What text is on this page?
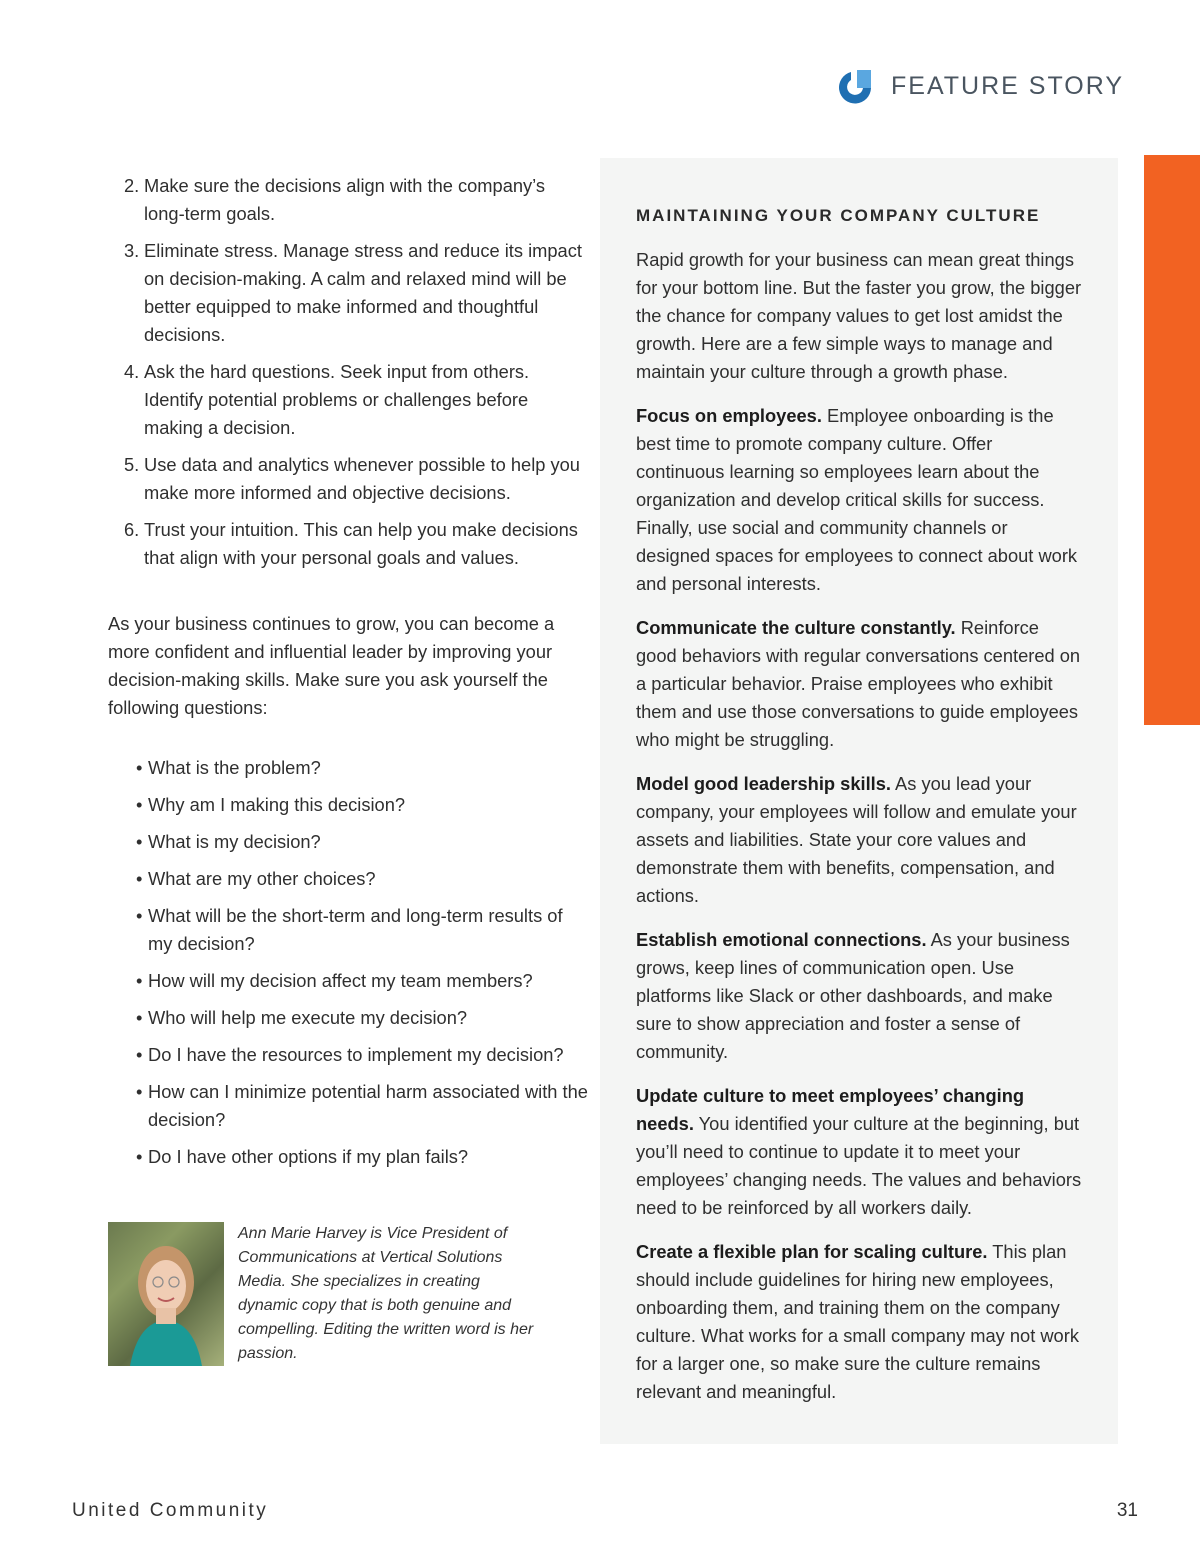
FEATURE STORY
2. Make sure the decisions align with the company’s long-term goals.
3. Eliminate stress. Manage stress and reduce its impact on decision-making. A calm and relaxed mind will be better equipped to make informed and thoughtful decisions.
4. Ask the hard questions. Seek input from others. Identify potential problems or challenges before making a decision.
5. Use data and analytics whenever possible to help you make more informed and objective decisions.
6. Trust your intuition. This can help you make decisions that align with your personal goals and values.

As your business continues to grow, you can become a more confident and influential leader by improving your decision-making skills. Make sure you ask yourself the following questions:

• What is the problem?
• Why am I making this decision?
• What is my decision?
• What are my other choices?
• What will be the short-term and long-term results of my decision?
• How will my decision affect my team members?
• Who will help me execute my decision?
• Do I have the resources to implement my decision?
• How can I minimize potential harm associated with the decision?
• Do I have other options if my plan fails?

Ann Marie Harvey is Vice President of Communications at Vertical Solutions Media. She specializes in creating dynamic copy that is both genuine and compelling. Editing the written word is her passion.

MAINTAINING YOUR COMPANY CULTURE

Rapid growth for your business can mean great things for your bottom line. But the faster you grow, the bigger the chance for company values to get lost amidst the growth. Here are a few simple ways to manage and maintain your culture through a growth phase.

Focus on employees. Employee onboarding is the best time to promote company culture. Offer continuous learning so employees learn about the organization and develop critical skills for success. Finally, use social and community channels or designed spaces for employees to connect about work and personal interests.

Communicate the culture constantly. Reinforce good behaviors with regular conversations centered on a particular behavior. Praise employees who exhibit them and use those conversations to guide employees who might be struggling.

Model good leadership skills. As you lead your company, your employees will follow and emulate your assets and liabilities. State your core values and demonstrate them with benefits, compensation, and actions.

Establish emotional connections. As your business grows, keep lines of communication open. Use platforms like Slack or other dashboards, and make sure to show appreciation and foster a sense of community.

Update culture to meet employees’ changing needs. You identified your culture at the beginning, but you’ll need to continue to update it to meet your employees’ changing needs. The values and behaviors need to be reinforced by all workers daily.

Create a flexible plan for scaling culture. This plan should include guidelines for hiring new employees, onboarding them, and training them on the company culture. What works for a small company may not work for a larger one, so make sure the culture remains relevant and meaningful.

United Community	31
